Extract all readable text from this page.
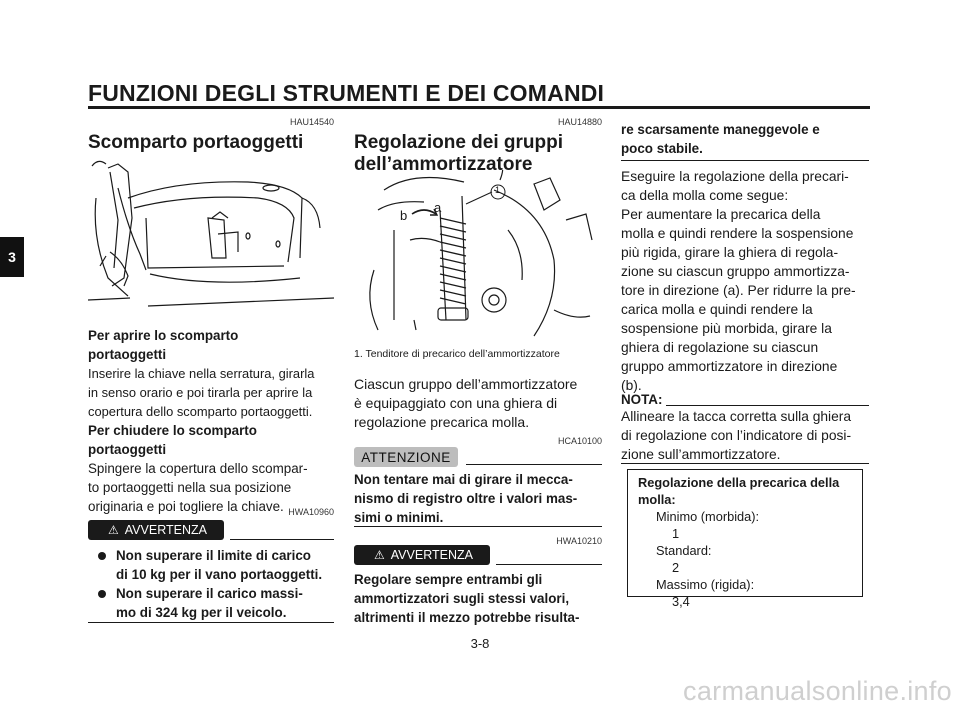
FUNZIONI DEGLI STRUMENTI E DEI COMANDI
3
HAU14540
Scomparto portaoggetti
Per aprire lo scomparto
portaoggetti
Inserire la chiave nella serratura, girarla
in senso orario e poi tirarla per aprire la
copertura dello scomparto portaoggetti.
Per chiudere lo scomparto
portaoggetti
Spingere la copertura dello scompar-
to portaoggetti nella sua posizione
originaria e poi togliere la chiave. HWA10960
⚠ AVVERTENZA
Non superare il limite di carico
di 10 kg per il vano portaoggetti.
Non superare il carico massi-
mo di 324 kg per il veicolo.
HAU14880
Regolazione dei gruppi
dell’ammortizzatore
1
a
b
1. Tenditore di precarico dell’ammortizzatore
Ciascun gruppo dell’ammortizzatore
è equipaggiato con una ghiera di
regolazione precarica molla.
HCA10100
ATTENZIONE
Non tentare mai di girare il mecca-
nismo di registro oltre i valori mas-
simi o minimi.
HWA10210
⚠ AVVERTENZA
Regolare sempre entrambi gli
ammortizzatori sugli stessi valori,
altrimenti il mezzo potrebbe risulta-
re scarsamente maneggevole e
poco stabile.
Eseguire la regolazione della precari-
ca della molla come segue:
Per aumentare la precarica della
molla e quindi rendere la sospensione
più rigida, girare la ghiera di regola-
zione su ciascun gruppo ammortizza-
tore in direzione (a). Per ridurre la pre-
carica molla e quindi rendere la
sospensione più morbida, girare la
ghiera di regolazione su ciascun
gruppo ammortizzatore in direzione
(b).
NOTA:
Allineare la tacca corretta sulla ghiera
di regolazione con l’indicatore di posi-
zione sull’ammortizzatore.
Regolazione della precarica della
molla:
Minimo (morbida):
1
Standard:
2
Massimo (rigida):
3,4
3-8
carmanualsonline.info
